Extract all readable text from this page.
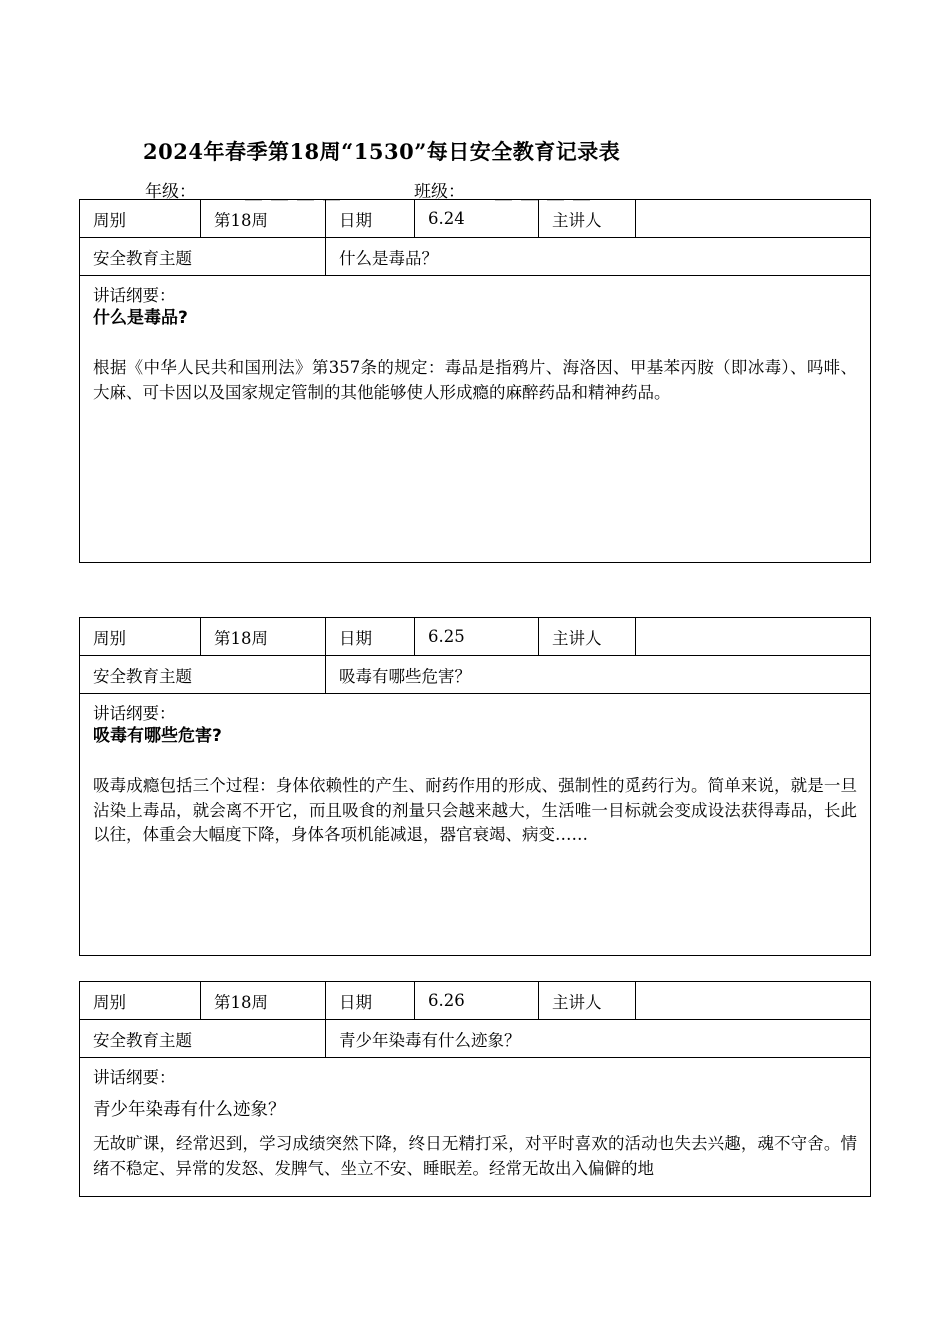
2024年春季第18周“1530”每日安全教育记录表
年级：	＿＿＿＿	班级： ＿＿＿＿
周别	第18周	日期	6.24	主讲人
安全教育主题	什么是毒品？
讲话纲要：
什么是毒品?
根据《中华人民共和国刑法》第357条的规定：毒品是指鸦片、海洛因、甲基苯丙胺（即冰毒）、吗啡、大麻、可卡因以及国家规定管制的其他能够使人形成瘾的麻醉药品和精神药品。
周别	第18周	日期	6.25	主讲人
安全教育主题	吸毒有哪些危害？
讲话纲要：
吸毒有哪些危害?
吸毒成瘾包括三个过程：身体依赖性的产生、耐药作用的形成、强制性的觅药行为。简单来说，就是一旦沾染上毒品，就会离不开它，而且吸食的剂量只会越来越大，生活唯一目标就会变成设法获得毒品，长此以往，体重会大幅度下降，身体各项机能减退，器官衰竭、病变……
周别	第18周	日期	6.26	主讲人
安全教育主题	青少年染毒有什么迹象？
讲话纲要：
青少年染毒有什么迹象？
无故旷课，经常迟到，学习成绩突然下降，终日无精打采，对平时喜欢的活动也失去兴趣，魂不守舍。情绪不稳定、异常的发怒、发脾气、坐立不安、睡眠差。经常无故出入偏僻的地
